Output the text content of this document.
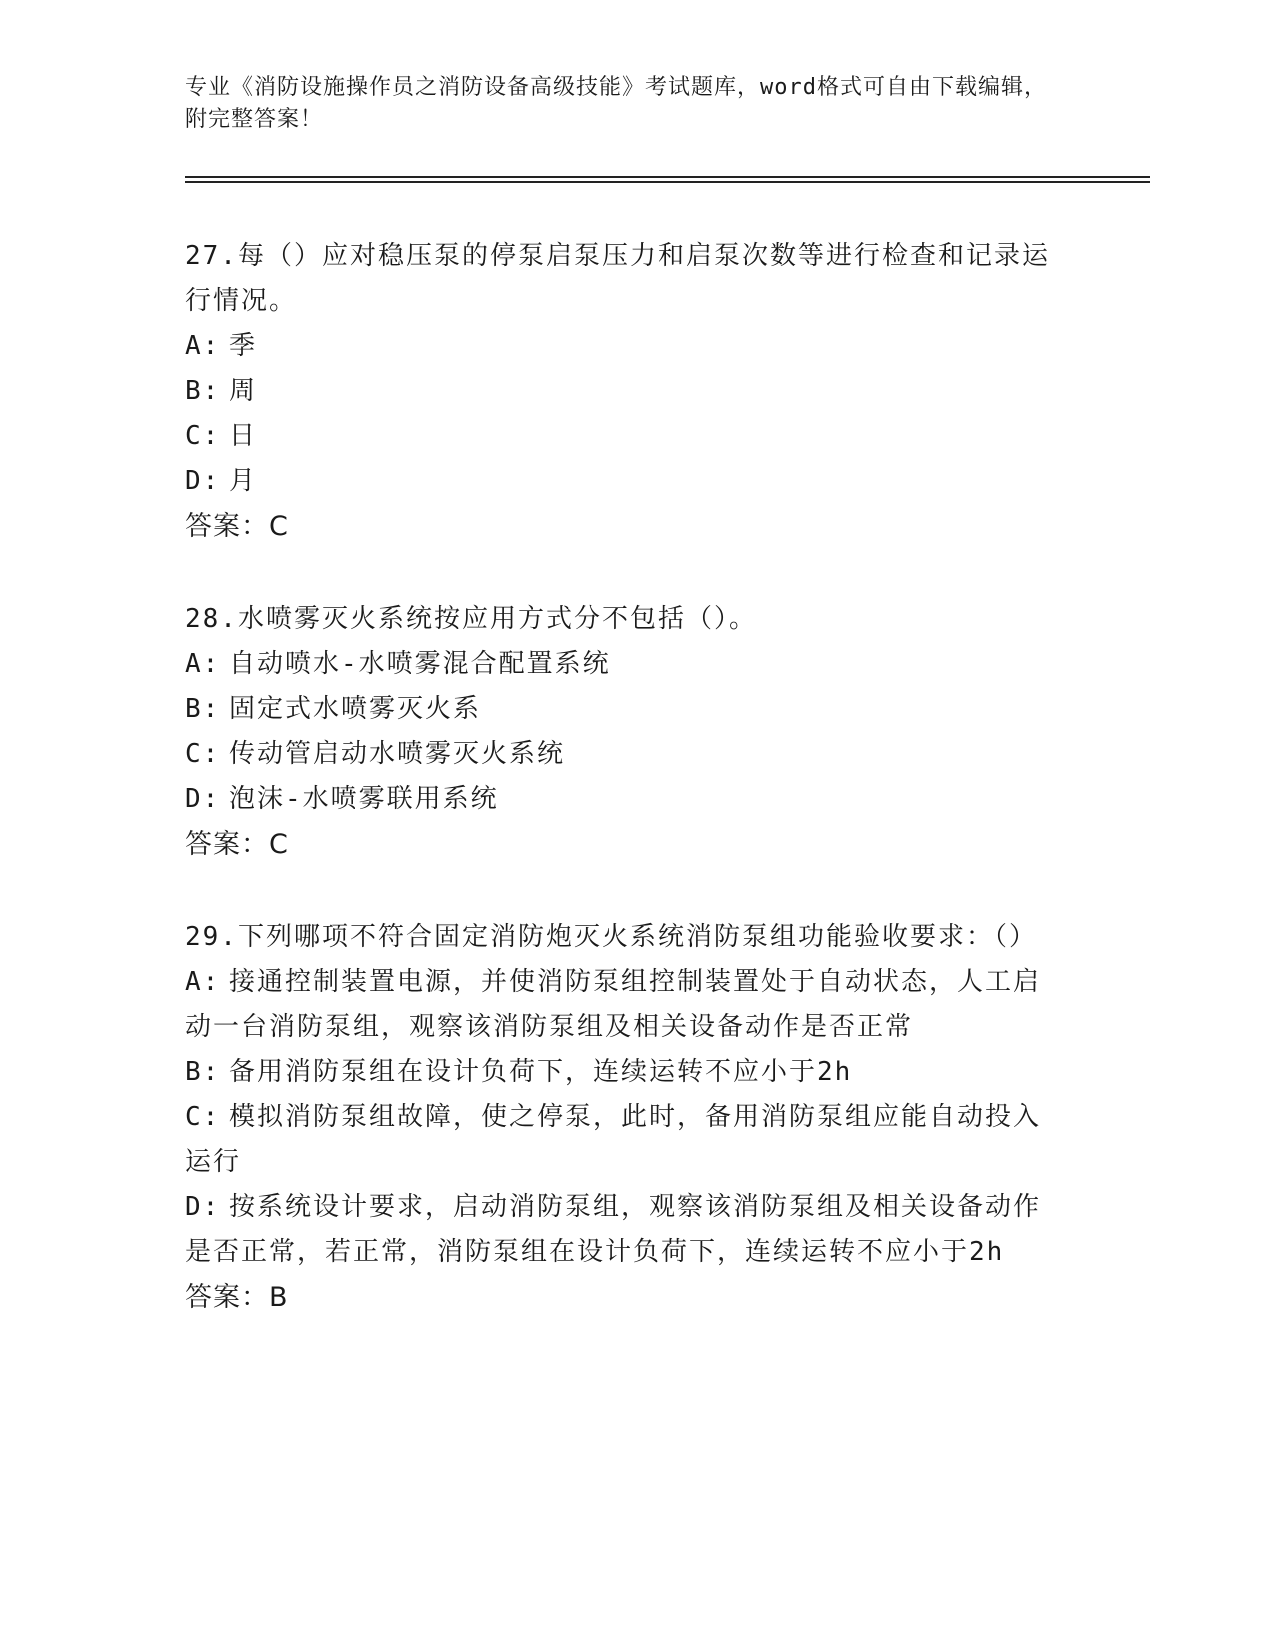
专业《消防设施操作员之消防设备高级技能》考试题库，word格式可自由下载编辑，附完整答案！
27.每（）应对稳压泵的停泵启泵压力和启泵次数等进行检查和记录运行情况。
A: 季
B: 周
C: 日
D: 月
答案：C
28.水喷雾灭火系统按应用方式分不包括（）。
A: 自动喷水-水喷雾混合配置系统
B: 固定式水喷雾灭火系
C: 传动管启动水喷雾灭火系统
D: 泡沫-水喷雾联用系统
答案：C
29.下列哪项不符合固定消防炮灭火系统消防泵组功能验收要求：（）
A: 接通控制装置电源，并使消防泵组控制装置处于自动状态，人工启动一台消防泵组，观察该消防泵组及相关设备动作是否正常
B: 备用消防泵组在设计负荷下，连续运转不应小于2h
C: 模拟消防泵组故障，使之停泵，此时，备用消防泵组应能自动投入运行
D: 按系统设计要求，启动消防泵组，观察该消防泵组及相关设备动作是否正常，若正常，消防泵组在设计负荷下，连续运转不应小于2h
答案：B
